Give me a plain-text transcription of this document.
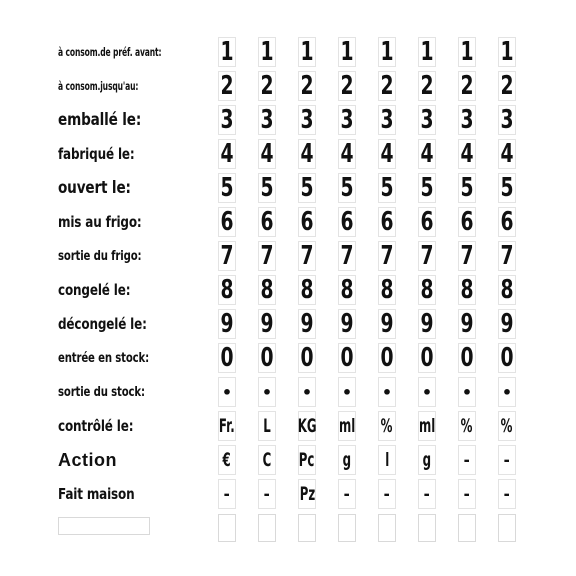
à consom.de préf. avant:
à consom.jusqu'au:
emballé le:
fabriqué le:
ouvert le:
mis au frigo:
sortie du frigo:
congelé le:
décongelé le:
entrée en stock:
sortie du stock:
contrôlé le:
Action
Fait maison
1
2
3
4
5
6
7
8
9
0
•
Fr.
€
–
1
2
3
4
5
6
7
8
9
0
•
L
C
–
1
2
3
4
5
6
7
8
9
0
•
KG
Pc
Pz
1
2
3
4
5
6
7
8
9
0
•
ml
g
–
1
2
3
4
5
6
7
8
9
0
•
%
l
–
1
2
3
4
5
6
7
8
9
0
•
ml
g
–
1
2
3
4
5
6
7
8
9
0
•
%
–
–
1
2
3
4
5
6
7
8
9
0
•
%
–
–
